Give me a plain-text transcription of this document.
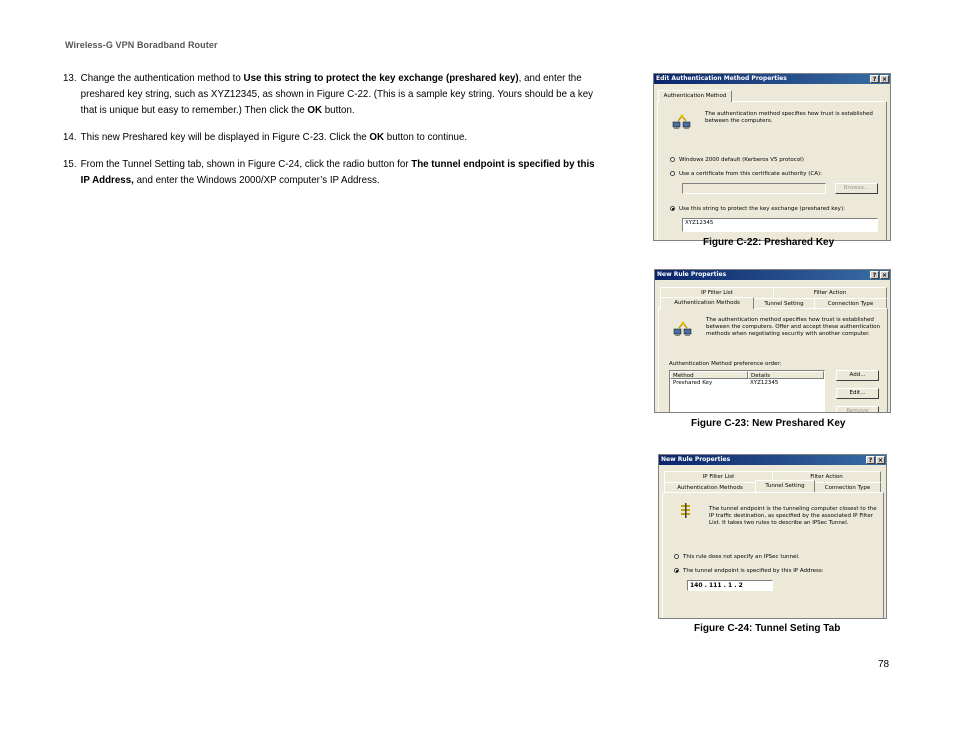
Wireless-G VPN Boradband Router
13. Change the authentication method to Use this string to protect the key exchange (preshared key), and enter the preshared key string, such as XYZ12345, as shown in Figure C-22. (This is a sample key string. Yours should be a key that is unique but easy to remember.) Then click the OK button.
14. This new Preshared key will be displayed in Figure C-23. Click the OK button to continue.
15. From the Tunnel Setting tab, shown in Figure C-24, click the radio button for The tunnel endpoint is specified by this IP Address, and enter the Windows 2000/XP computer’s IP Address.
Edit Authentication Method Properties	? ×
Authentication Method
The authentication method specifies how trust is established between the computers.
Windows 2000 default (Kerberos V5 protocol)
Use a certificate from this certificate authority (CA):
Browse...
Use this string to protect the key exchange (preshared key):
XYZ12345
Figure C-22: Preshared Key
New Rule Properties	? ×
IP Filter List	Filter Action
Authentication Methods	Tunnel Setting	Connection Type
The authentication method specifies how trust is established between the computers. Offer and accept these authentication methods when negotiating security with another computer.
Authentication Method preference order:
Method	Details
Preshared Key	XYZ12345
Add...
Edit...
Remove
Figure C-23: New Preshared Key
New Rule Properties	? ×
IP Filter List	Filter Action
Authentication Methods	Tunnel Setting	Connection Type
The tunnel endpoint is the tunneling computer closest to the IP traffic destination, as specified by the associated IP Filter List. It takes two rules to describe an IPSec Tunnel.
This rule does not specify an IPSec tunnel.
The tunnel endpoint is specified by this IP Address:
140 . 111 . 1 . 2
Figure C-24: Tunnel Seting Tab
78
